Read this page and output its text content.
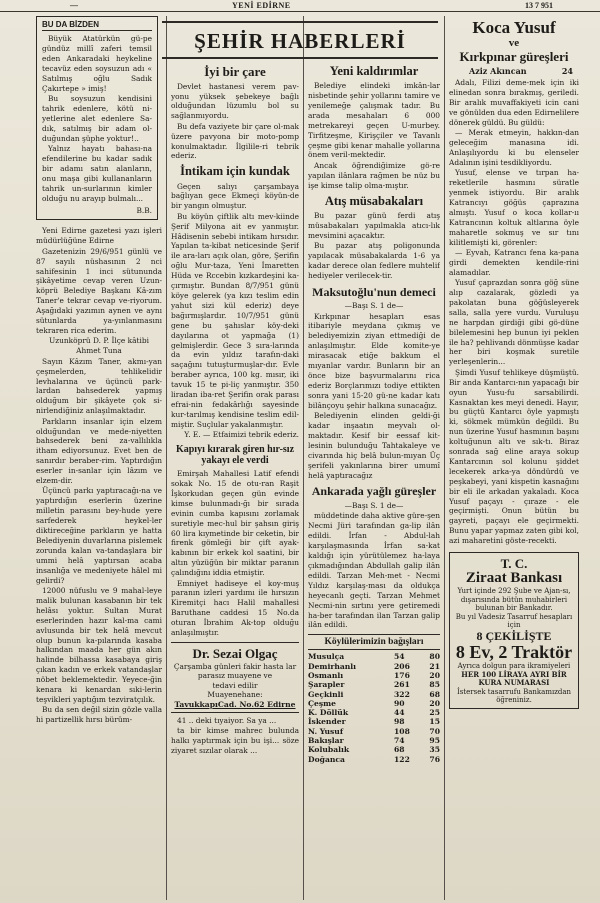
—	YENİ EDİRNE	13 7 951
BU DA BİZDEN

Büyük Atatürkün gü-pe gündüz millî zaferi temsil eden Ankaradaki heykeline tecavüz eden soysuzun adı « Satılmış oğlu Sadık Çakırtepe » imiş!

Bu soysuzun kendisini tahrik edenlere, kötü ni-yetlerine alet edenlere Sa-dık, satılmış bir adam ol-duğundan şüphe yoktur!..

Yalnız hayatı bahası-na efendilerine bu kadar sadık bir adamı satın alanların, onu maşa gibi kullananların tahrik un-surlarının kimler olduğu nu arayıp bulmalı...

B.B.

Yeni Edirne gazetesi yazı işleri müdürlüğüne Edirne

Gazetenizin 29/6/951 günlü ve 87 sayılı nüshasının 2 nci sahifesinin 1 inci sütununda şikâyetime cevap veren Uzun-köprü Belediye Başkanı Kâ-zım Taner'e tekrar cevap ve-riyorum. Aşağıdaki yazımın aynen ve aynı sütunlarda ya-yınlanmasını tekraren rica ederim.

Uzunköprü D. P. İlçe kâtibi Ahmet Tuna

Sayın Kâzım Taner, akmı-yan çeşmelerden, tehlikelidir levhalarına ve üçüncü park-lardan bahsederek yapmış olduğum bir şikâyete çok si-nirlendiğiniz anlaşılmaktadır.

Parkların insanlar için elzem olduğundan ve mede-niyetten bahsederek beni za-vallılıkla itham ediyorsunuz. Evet ben de sanırdır beraber-rim. Yaptırdığın eserler in-sanlar için lâzım ve elzem-dir.

Üçüncü parkı yaptıracağı-na ve yaptırdığın eserlerin üzerine milletin parasını bey-hude yere sarfederek heykel-ler diktireceğine parkların ye hatta Belediyenin duvarlarına pislemek zorunda kalan va-tandaşlara bir ummi helâ yaptırsan acaba insanlığa ve medeniyete hâlel mi gelirdi?

12000 nüfuslu ve 9 mahal-leye malik bulunan kasabanın bir tek helâsı yoktur. Sultan Murat eserlerinden hazır kal-ma cami avlusunda bir tek helâ mevcut olup bunun ka-pılarında kasaba halkından maada her gün akın halinde bilhassa kasabaya giriş çıkan kadın ve erkek vatandaşlar nöbet beklemektedir. Yeyece-ğin kenara ki kenardan sıki-lerin teşvikleri yaptığım tezviratçılık.

Bu da sen değil sizin gözle valla hi partizellik hırsı bürüm-

ŞEHİR HABERLERİ
İyi bir çare

Devlet hastanesi verem pav-yonu yüksek şebekeye bağlı olduğundan lüzumlu bol su sağlanmıyordu.

Bu defa vaziyete bir çare ol-mak üzere pavyona bir moto-pomp konulmaktadır. İlgilile-ri tebrik ederiz.

İntikam için kundak

Geçen salıyı çarşambaya bağlıyan gece Ekmeçi köyün-de bir yangın olmuştur.

Bu köyün çiftlik altı mev-kiinde Şerif Milyona ait ev yanmıştır. Hâdisenin sebebi intikam hırsıdır. Yapılan ta-kibat neticesinde Şerif ile ara-ları açık olan, göre, Şerifin oğlu Mur-taza, Yeni İmaretten Hüda ve Rccebin kızkardeşini ka-çırmıştır. Bundan 8/7/951 günü köye gelerek (ya kızı teslim edin yahut sizi kül ederiz) deye bağırmışlardır. 10/7/951 günü gene bu şahıslar köy-deki dayılarına ot yapmağa (1) gelmişlerdir. Gece 3 sıra-larında da evin yıldız tarafın-daki saçağını tutuşturmuşlar-dır. Evle beraber ayrıca, 100 kg. mısır, iki tavuk 15 te pi-liç yanmıştır. 350 liradan iba-ret Şerifin orak parası efrai-nin fedakârlığı sayesinde kur-tarılmış kendisine teslim edil-miştir. Suçlular yakalanmıştır.

Y. E. — Etfaimizi tebrik ederiz.

Kapıyı kırarak giren hır-sız yakayı ele verdi

Emirşah Mahallesi Latif efendi sokak No. 15 de otu-ran Raşit İşkorkudan geçen gün evinde kimse bulunmadı-ğı bir sırada evinin cumba kapısını zorlamak suretiyle mec-hul bir şahsın giriş 60 lira kıymetinde bir ceketin, bir firenk gömleği bir çift ayak-kabının bir erkek kol saatini, bir altın yüzüğün bir miktar paranın çalındığını iddia etmiştir.

Emniyet hadiseye el koy-muş paranın izleri yardımı ile hırsızın Kiremitçi hacı Halil mahallesi Baruthane caddesi 15 No.da oturan İbrahim Ak-top olduğu anlaşılmıştır.

Dr. Sezai Olgaç
Çarşamba günleri fakir hasta lar parasız muayene ve
tedavi edilir
Muayenehane:
TavukkapıCad. No.62 Edirne

41 .. deki tıyaiyor. Sa ya ...

ta bir kimse mahrec bulunda halkı yaptırmak için bu işi... söze ziyaret sızılar olarak ...

Yeni kaldırımlar

Belediye elindeki imkân-lar nisbetinde şehir yollarını tamire ve yenilemeğe çalışmak tadır. Bu arada mesahaları 6 000 metrekareyi geçen U-murbey. Tirfitzeşme, Kirişçiler ve Tavanlı çeşme gibi kenar mahalle yollarına önem veril-mektedir.

Ancak öğrendiğimize gö-re yapılan ilânlara rağmen be nüz bu işe kimse talip olma-mıştır.

Atış müsabakaları

Bu pazar günü ferdi atış müsabakaları yapılmakla atıcı-lık mevsimini açacaktır.

Bu pazar atış poligonunda yapılacak müsabakalarda 1-6 ya kadar derece olan fedlere muhtelif hediyeler verilecek-tir.

Maksutoğlu'nun demeci

—Başı S. 1 de—

Kırkpınar hesapları esas itibariyle meydana çıkmış ve belediyemizin ziyan ettmediği de anlaşılmıştır. Elde komite-ye mirasacak etiğe bakkum el mıyanlar vardır. Bunların bir an önce bize başvurmalarını rica ederiz Borçlarımızı todiye ettikten sonra yani 15-20 gü-ne kadar katı bilânçoyu şehir halkına sunacağız.

Belediyenin elinden geldi-ği kadar inşaatın meyvalı ol-maktadır. Kesif bir eessaf kit-lesinin bulunduğu Tahtakaleye ve civarında hiç belâ bulun-mıyan Üç şerifeli yakınlarına birer umumî helâ yaptıracağız

Ankarada yağlı güreşler

—Başı S. 1 de—

müddetinde daha aktive güre-şen Necmi Jüri tarafından ga-lip ilân edildi. İrfan - Abdul-lah karşılaşmasında İrfan sa-kat kaldığı için yürütülemez ha-laya çıkmadığından Abdullah galip ilân edildi. Tarzan Meh-met - Necmi Yıldız karşılaş-ması da oldukça heyecanlı geçti. Tarzan Mehmet Necmi-nin sırtını yere getiremedi ha-ber tarafından ilan Tarzan galip ilân edildi.

Köylülerimizin bağışları
Musulça	54	80
Demirhanlı	206	21
Osmanlı	176	20
Şarapler	261	85
Geçkinli	322	68
Çeşme	90	20
K. Döllük	44	25
İskender	98	15
N. Yusuf	108	70
Bakışlar	74	95
Kolubalık	68	35
Doğanca	122	76
Koca Yusuf
ve
Kırkpınar güreşleri
Aziz Akıncan	24

Adalı, Filizi deme-mek için iki elinedan sonra bırakmış, geriledi. Bir aralık muvaffakiyeti icin cani ve gönülden dua eden Edirnelilere dönerek güldü. Bu güldü:

— Merak etmeyin, hakkın-dan geleceğim manasına idi. Anlaşılıyordu ki bu elenseler Adalının işini tesdikliyordu.

Yusuf, elense ve tırpan ha-reketlerile hasmını süratle yenmek istiyordu. Bir aralık Katrancıyı göğüs çaprazına almıştı. Yusuf o koca kollar-ıı Katrancının koltuk altlarına öyle maharetle sokmuş ve sır tını kilitlemişti ki, görenler:

— Eyvah, Katrancı fena ka-pana girdi demekten kendile-rini alamadılar.

Yusuf çaprazdan sonra göğ süne alıp cazalarak, gözledi ya pakolatan buna göğüsleyerek salla, salla yere vurdu. Vuruluşu ne harpdan girdiği gibi gö-düne bilelemesini hep bunun iyi peklen ile ha? pehlivandı dönmüşse kadar her biri koşmak suretile yerleşenlerin...

Şimdi Yusuf tehlikeye düşmüştü. Bir anda Kantarcı-nın yapacağı bir oyun Yusu-fu sarsabilirdi. Kasnaktan kes meyi denedi. Hayır, bu güçtü Kantarcı öyle yapmıştı ki, sökmek mümkün değildi. Bu nun üzerine Yusuf hasmının başını koltuğunun altı ve sık-tı. Biraz sonrada sağ eline araya sokup Kantarcının sol kolunu şiddet lecekerek arka-ya döndürdü ve peşkabeyi, yani kispetin kasnağını bir eli ile arkadan yakaladı. Koca Yusuf paçayı - çıraze - ele geçirmişti. Onun bütün bu gayreti, paçayı ele geçirmekti. Bunu yapar yapmaz zaten gibi kol, azi maharetini göste-recekti.

T. C.
Ziraat Bankası
Yurt içinde 292 Şube ve Ajan-sı, dışarısında bütün muhabirleri bulunan bir Bankadır.
Bu yıl Vadesiz Tasarruf hesapları için
8 ÇEKİLİŞTE
8 Ev, 2 Traktör
Ayrıca dolgun para ikramiyeleri
HER 100 LİRAYA AYRI BİR KURA NUMARASI
İstersek tasarrufu Bankamızdan öğreniniz.
